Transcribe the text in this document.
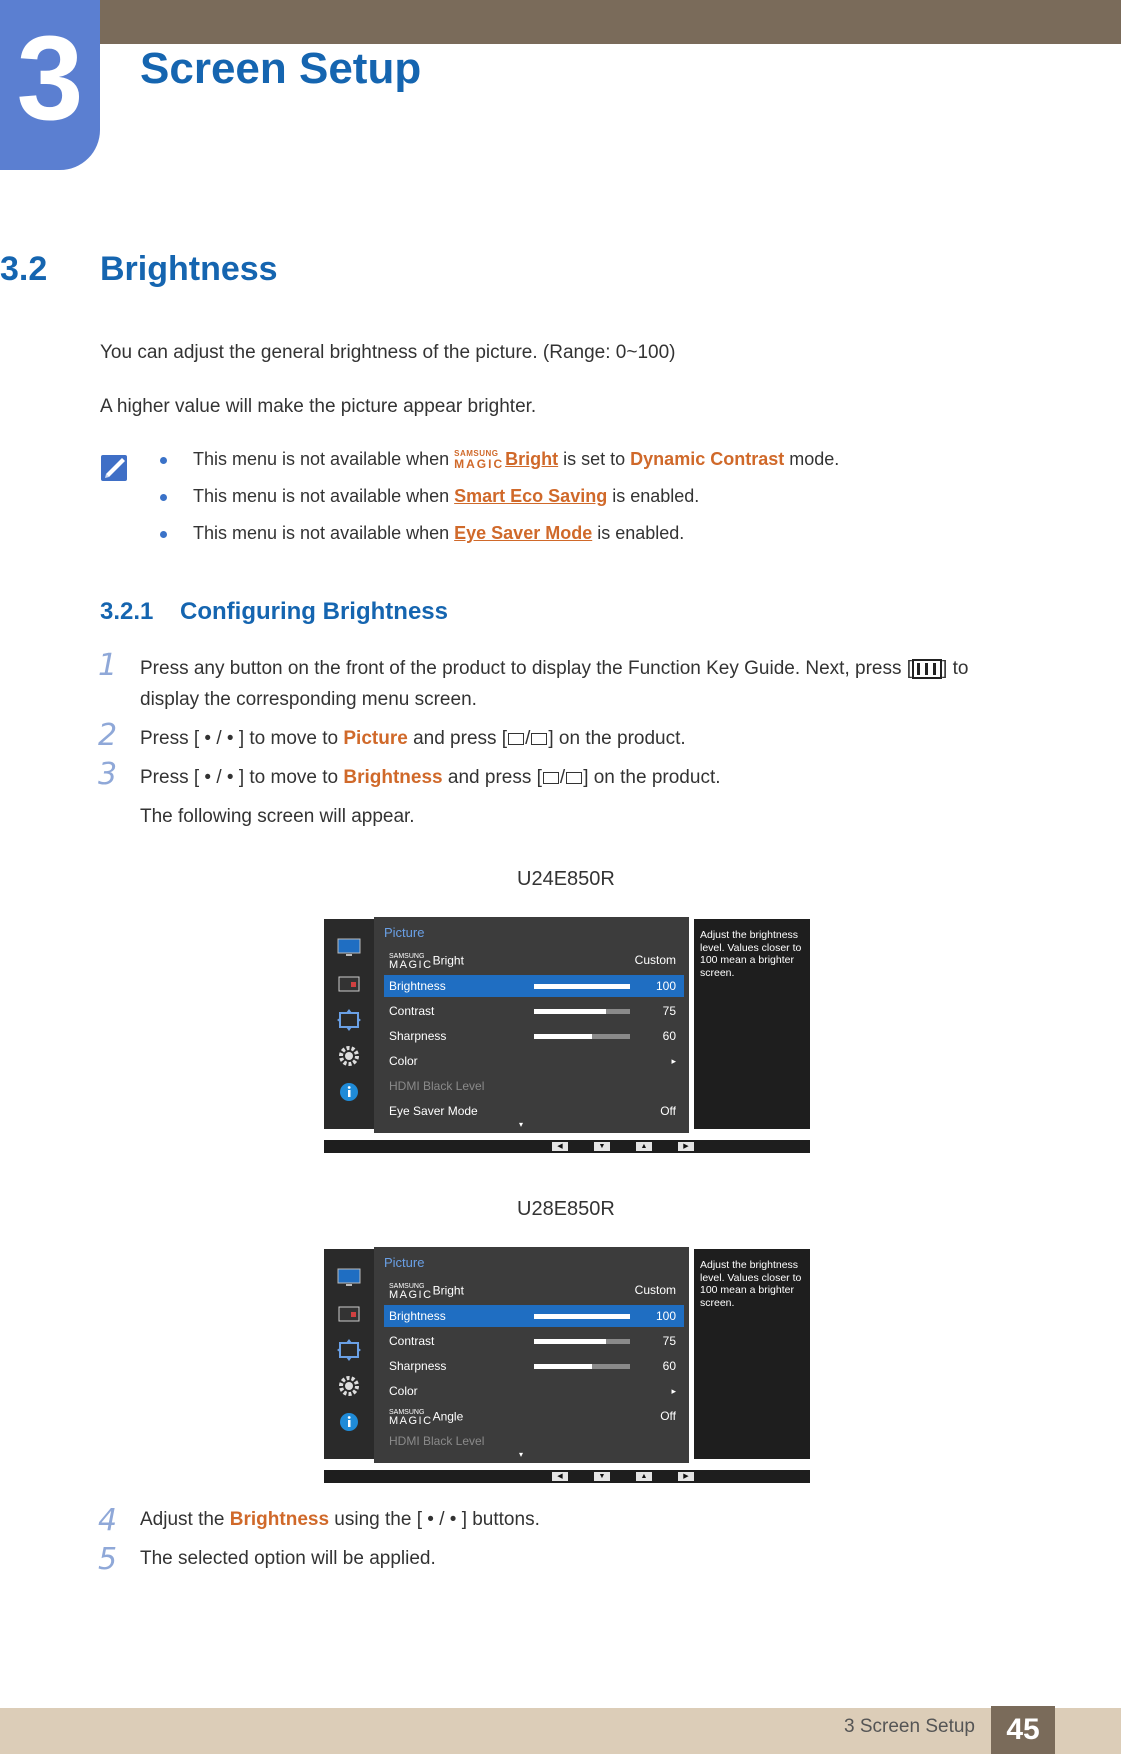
3	Screen Setup
3.2 Brightness
You can adjust the general brightness of the picture. (Range: 0~100)
A higher value will make the picture appear brighter.
This menu is not available when SAMSUNG
MAGIC Bright is set to Dynamic Contrast mode.
This menu is not available when Smart Eco Saving is enabled.
This menu is not available when Eye Saver Mode is enabled.
3.2.1 Configuring Brightness
1 Press any button on the front of the product to display the Function Key Guide. Next, press [ ] to
display the corresponding menu screen.
2 Press [ • / • ] to move to Picture and press [ / ] on the product.
3 Press [ • / • ] to move to Brightness and press [ / ] on the product.
The following screen will appear.
U24E850R
Picture
SAMSUNG
MAGIC Bright	Custom
Brightness	100
Contrast	75
Sharpness	60
Color	▸
HDMI Black Level
Eye Saver Mode	Off
▾
Adjust the brightness level. Values closer to 100 mean a brighter screen.
◀	▼	▲	▶
U28E850R
Picture
SAMSUNG
MAGIC Bright	Custom
Brightness	100
Contrast	75
Sharpness	60
Color	▸
SAMSUNG
MAGIC Angle	Off
HDMI Black Level
▾
Adjust the brightness level. Values closer to 100 mean a brighter screen.
◀	▼	▲	▶
4 Adjust the Brightness using the [ • / • ] buttons.
5 The selected option will be applied.
3 Screen Setup	45
